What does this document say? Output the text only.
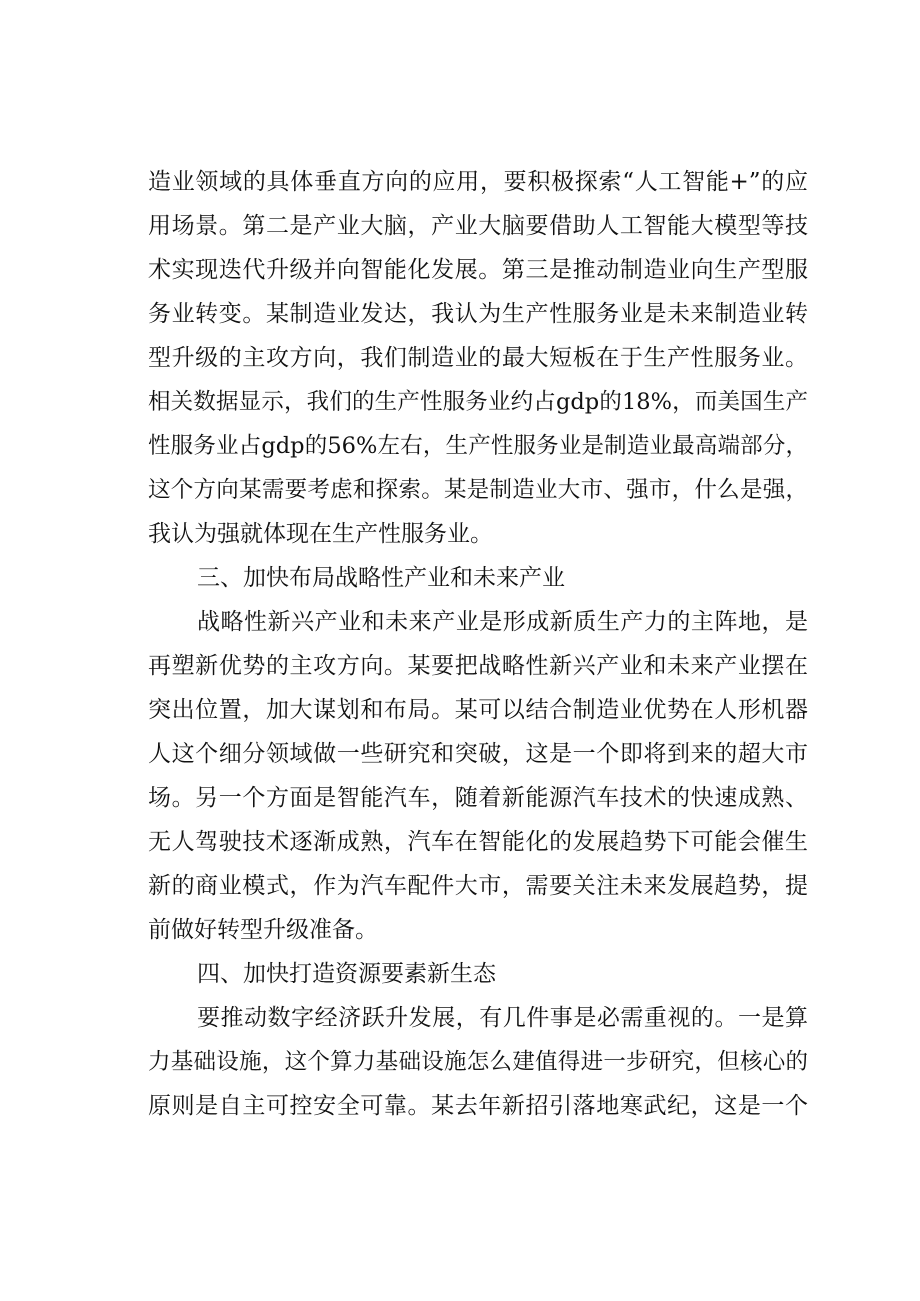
造业领域的具体垂直方向的应用，要积极探索“人工智能+”的应

用场景。第二是产业大脑，产业大脑要借助人工智能大模型等技

术实现迭代升级并向智能化发展。第三是推动制造业向生产型服

务业转变。某制造业发达，我认为生产性服务业是未来制造业转

型升级的主攻方向，我们制造业的最大短板在于生产性服务业。

相关数据显示，我们的生产性服务业约占gdp的18%，而美国生产

性服务业占gdp的56%左右，生产性服务业是制造业最高端部分，

这个方向某需要考虑和探索。某是制造业大市、强市，什么是强，

我认为强就体现在生产性服务业。

三、加快布局战略性产业和未来产业

战略性新兴产业和未来产业是形成新质生产力的主阵地，是

再塑新优势的主攻方向。某要把战略性新兴产业和未来产业摆在

突出位置，加大谋划和布局。某可以结合制造业优势在人形机器

人这个细分领域做一些研究和突破，这是一个即将到来的超大市

场。另一个方面是智能汽车，随着新能源汽车技术的快速成熟、

无人驾驶技术逐渐成熟，汽车在智能化的发展趋势下可能会催生

新的商业模式，作为汽车配件大市，需要关注未来发展趋势，提

前做好转型升级准备。

四、加快打造资源要素新生态

要推动数字经济跃升发展，有几件事是必需重视的。一是算

力基础设施，这个算力基础设施怎么建值得进一步研究，但核心的

原则是自主可控安全可靠。某去年新招引落地寒武纪，这是一个
